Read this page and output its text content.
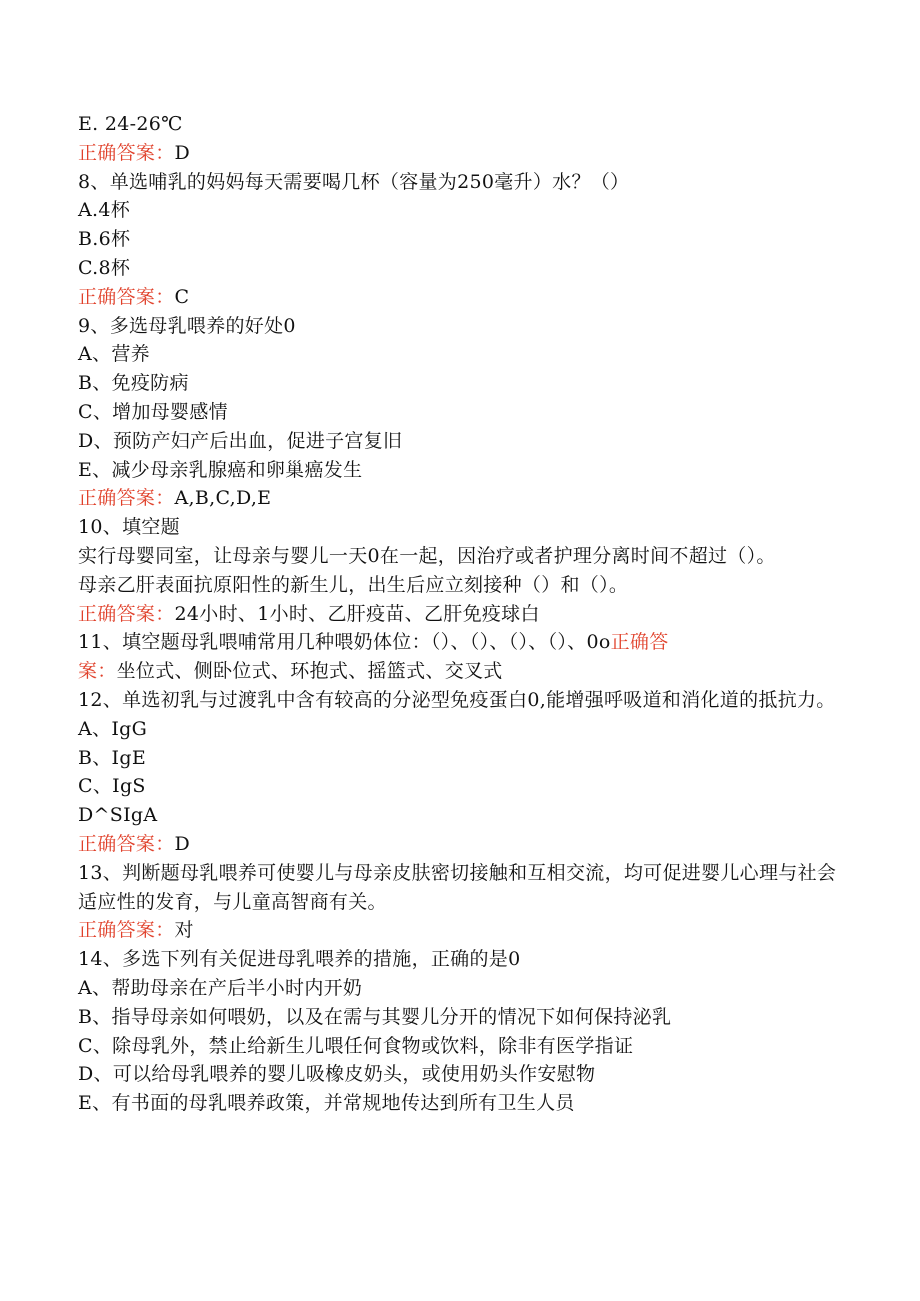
E. 24-26℃
正确答案：D
8、单选哺乳的妈妈每天需要喝几杯（容量为250毫升）水？（）
A.4杯
B.6杯
C.8杯
正确答案：C
9、多选母乳喂养的好处0
A、营养
B、免疫防病
C、增加母婴感情
D、预防产妇产后出血，促进子宫复旧
E、减少母亲乳腺癌和卵巢癌发生
正确答案：A,B,C,D,E
10、填空题
实行母婴同室，让母亲与婴儿一天0在一起，因治疗或者护理分离时间不超过（）。
母亲乙肝表面抗原阳性的新生儿，出生后应立刻接种（）和（）。
正确答案：24小时、1小时、乙肝疫苗、乙肝免疫球白
11、填空题母乳喂哺常用几种喂奶体位：（）、（）、（）、（）、0o正确答
案：坐位式、侧卧位式、环抱式、摇篮式、交叉式
12、单选初乳与过渡乳中含有较高的分泌型免疫蛋白0,能增强呼吸道和消化道的抵抗力。
A、IgG
B、IgE
C、IgS
D^SIgA
正确答案：D
13、判断题母乳喂养可使婴儿与母亲皮肤密切接触和互相交流，均可促进婴儿心理与社会适应性的发育，与儿童高智商有关。
正确答案：对
14、多选下列有关促进母乳喂养的措施，正确的是0
A、帮助母亲在产后半小时内开奶
B、指导母亲如何喂奶，以及在需与其婴儿分开的情况下如何保持泌乳
C、除母乳外，禁止给新生儿喂任何食物或饮料，除非有医学指证
D、可以给母乳喂养的婴儿吸橡皮奶头，或使用奶头作安慰物
E、有书面的母乳喂养政策，并常规地传达到所有卫生人员
